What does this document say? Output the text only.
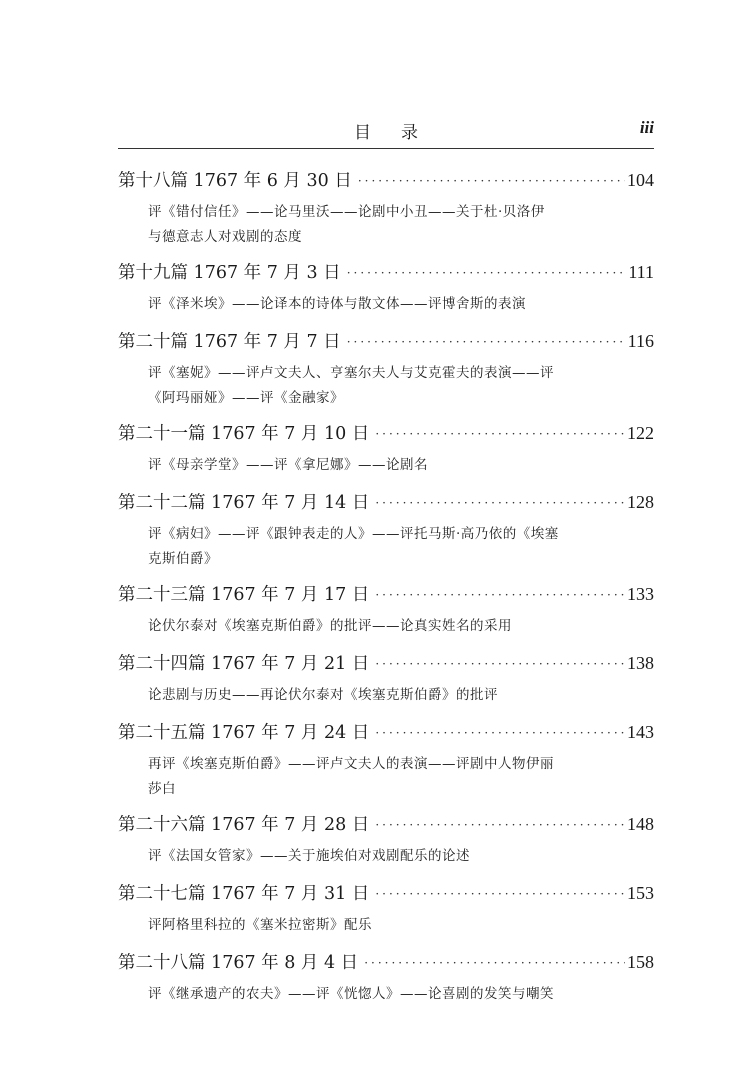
目录	iii
第十八篇 1767 年 6 月 30 日 ·····	104
评《错付信任》——论马里沃——论剧中小丑——关于杜·贝洛伊
与德意志人对戏剧的态度
第十九篇 1767 年 7 月 3 日 ·····	111
评《泽米埃》——论译本的诗体与散文体——评博舍斯的表演
第二十篇 1767 年 7 月 7 日 ·····	116
评《塞妮》——评卢文夫人、亨塞尔夫人与艾克霍夫的表演——评
《阿玛丽娅》——评《金融家》
第二十一篇 1767 年 7 月 10 日 ·····	122
评《母亲学堂》——评《拿尼娜》——论剧名
第二十二篇 1767 年 7 月 14 日 ·····	128
评《病妇》——评《跟钟表走的人》——评托马斯·高乃依的《埃塞
克斯伯爵》
第二十三篇 1767 年 7 月 17 日 ·····	133
论伏尔泰对《埃塞克斯伯爵》的批评——论真实姓名的采用
第二十四篇 1767 年 7 月 21 日 ·····	138
论悲剧与历史——再论伏尔泰对《埃塞克斯伯爵》的批评
第二十五篇 1767 年 7 月 24 日 ·····	143
再评《埃塞克斯伯爵》——评卢文夫人的表演——评剧中人物伊丽
莎白
第二十六篇 1767 年 7 月 28 日 ·····	148
评《法国女管家》——关于施埃伯对戏剧配乐的论述
第二十七篇 1767 年 7 月 31 日 ·····	153
评阿格里科拉的《塞米拉密斯》配乐
第二十八篇 1767 年 8 月 4 日 ·····	158
评《继承遗产的农夫》——评《恍惚人》——论喜剧的发笑与嘲笑
